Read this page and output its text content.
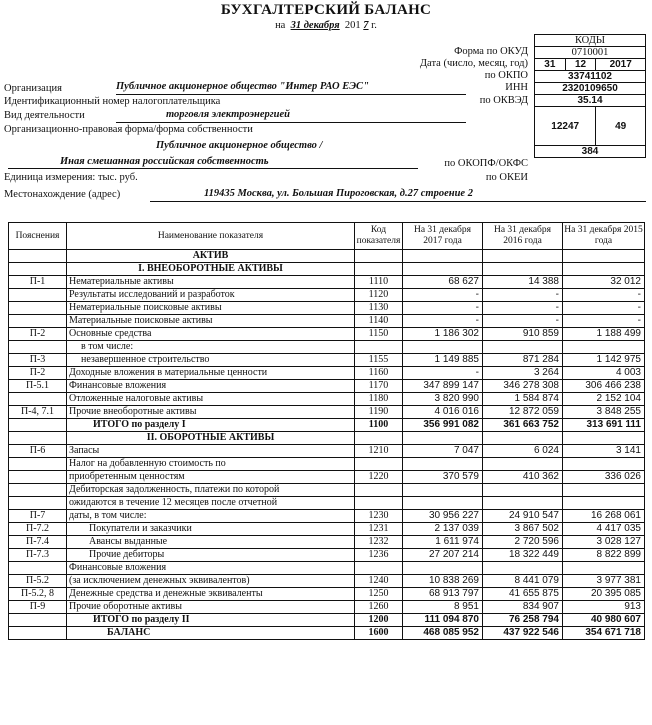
БУХГАЛТЕРСКИЙ БАЛАНС
на 31 декабря 201 7 г.
КОДЫ		
0710001		
31	12	2017
33741102		
2320109650		
35.14		
12247		49
384		
Форма по ОКУД
Дата (число, месяц, год)
по ОКПО
ИНН
по ОКВЭД
по ОКОПФ/ОКФС
по ОКЕИ
Организация	Публичное акционерное общество "Интер РАО ЕЭС"
Идентификационный номер налогоплательщика
Вид деятельности	торговля электроэнергией
Организационно-правовая форма/форма собственности
Публичное акционерное общество /
Иная смешанная российская собственность
Единица измерения: тыс. руб.
Местонахождение (адрес)	119435 Москва, ул. Большая Пироговская, д.27 строение 2
Пояснения	Наименование показателя	Код показателя	На 31 декабря 2017 года	На 31 декабря 2016 года	На 31 декабря 2015 года
	АКТИВ				
	I. ВНЕОБОРОТНЫЕ АКТИВЫ				
П-1	Нематериальные активы	1110	68 627	14 388	32 012
	Результаты исследований и разработок	1120	-	-	-
	Нематериальные поисковые активы	1130	-	-	-
	Материальные поисковые активы	1140	-	-	-
П-2	Основные средства	1150	1 186 302	910 859	1 188 499
	в том числе:				
П-3	незавершенное строительство	1155	1 149 885	871 284	1 142 975
П-2	Доходные вложения в материальные ценности	1160	-	3 264	4 003
П-5.1	Финансовые вложения	1170	347 899 147	346 278 308	306 466 238
	Отложенные налоговые активы	1180	3 820 990	1 584 874	2 152 104
П-4, 7.1	Прочие внеоборотные активы	1190	4 016 016	12 872 059	3 848 255
	ИТОГО по разделу I	1100	356 991 082	361 663 752	313 691 111
	II. ОБОРОТНЫЕ АКТИВЫ				
П-6	Запасы	1210	7 047	6 024	3 141
	Налог на добавленную стоимость по				
	приобретенным ценностям	1220	370 579	410 362	336 026
	Дебиторская задолженность, платежи по которой				
	ожидаются в течение 12 месяцев после отчетной				
П-7	даты, в том числе:	1230	30 956 227	24 910 547	16 268 061
П-7.2	Покупатели и заказчики	1231	2 137 039	3 867 502	4 417 035
П-7.4	Авансы выданные	1232	1 611 974	2 720 596	3 028 127
П-7.3	Прочие дебиторы	1236	27 207 214	18 322 449	8 822 899
	Финансовые вложения				
П-5.2	(за исключением денежных эквивалентов)	1240	10 838 269	8 441 079	3 977 381
П-5.2, 8	Денежные средства и денежные эквиваленты	1250	68 913 797	41 655 875	20 395 085
П-9	Прочие оборотные активы	1260	8 951	834 907	913
	ИТОГО по разделу II	1200	111 094 870	76 258 794	40 980 607
	БАЛАНС	1600	468 085 952	437 922 546	354 671 718
